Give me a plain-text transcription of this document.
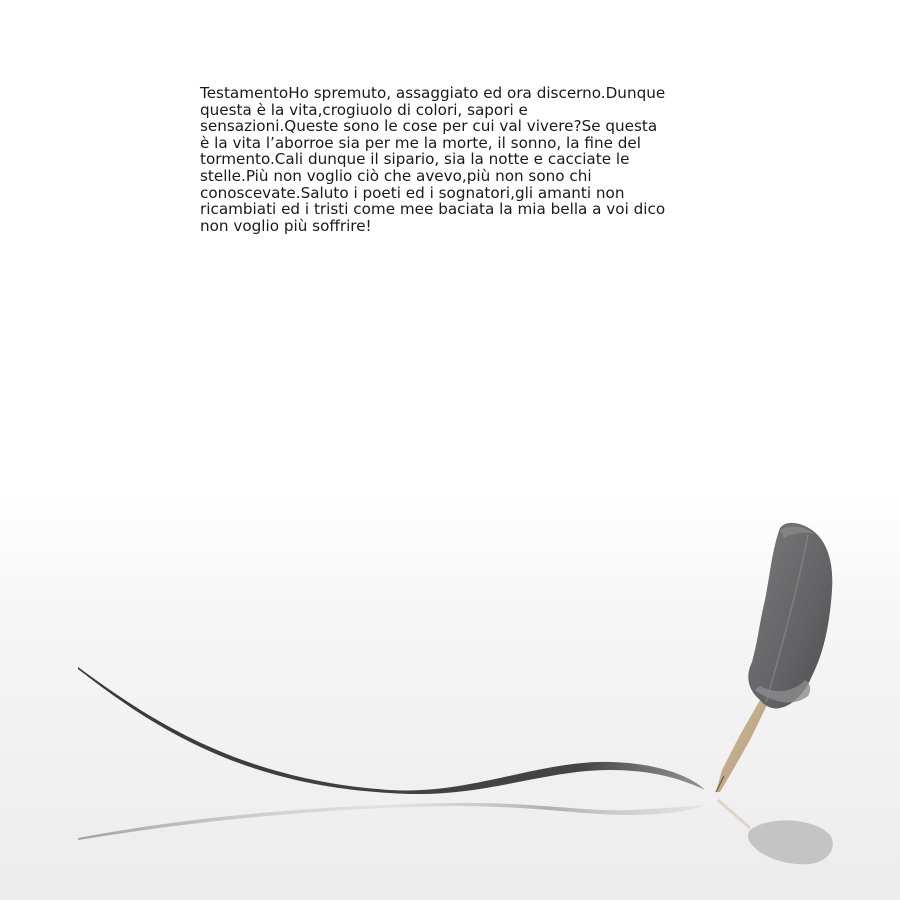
TestamentoHo spremuto, assaggiato ed ora discerno.Dunque
questa è la vita,crogiuolo di colori, sapori e
sensazioni.Queste sono le cose per cui val vivere?Se questa
è la vita l’aborroe sia per me la morte, il sonno, la fine del
tormento.Cali dunque il sipario, sia la notte e cacciate le
stelle.Più non voglio ciò che avevo,più non sono chi
conoscevate.Saluto i poeti ed i sognatori,gli amanti non
ricambiati ed i tristi come mee baciata la mia bella a voi dico
non voglio più soffrire!
